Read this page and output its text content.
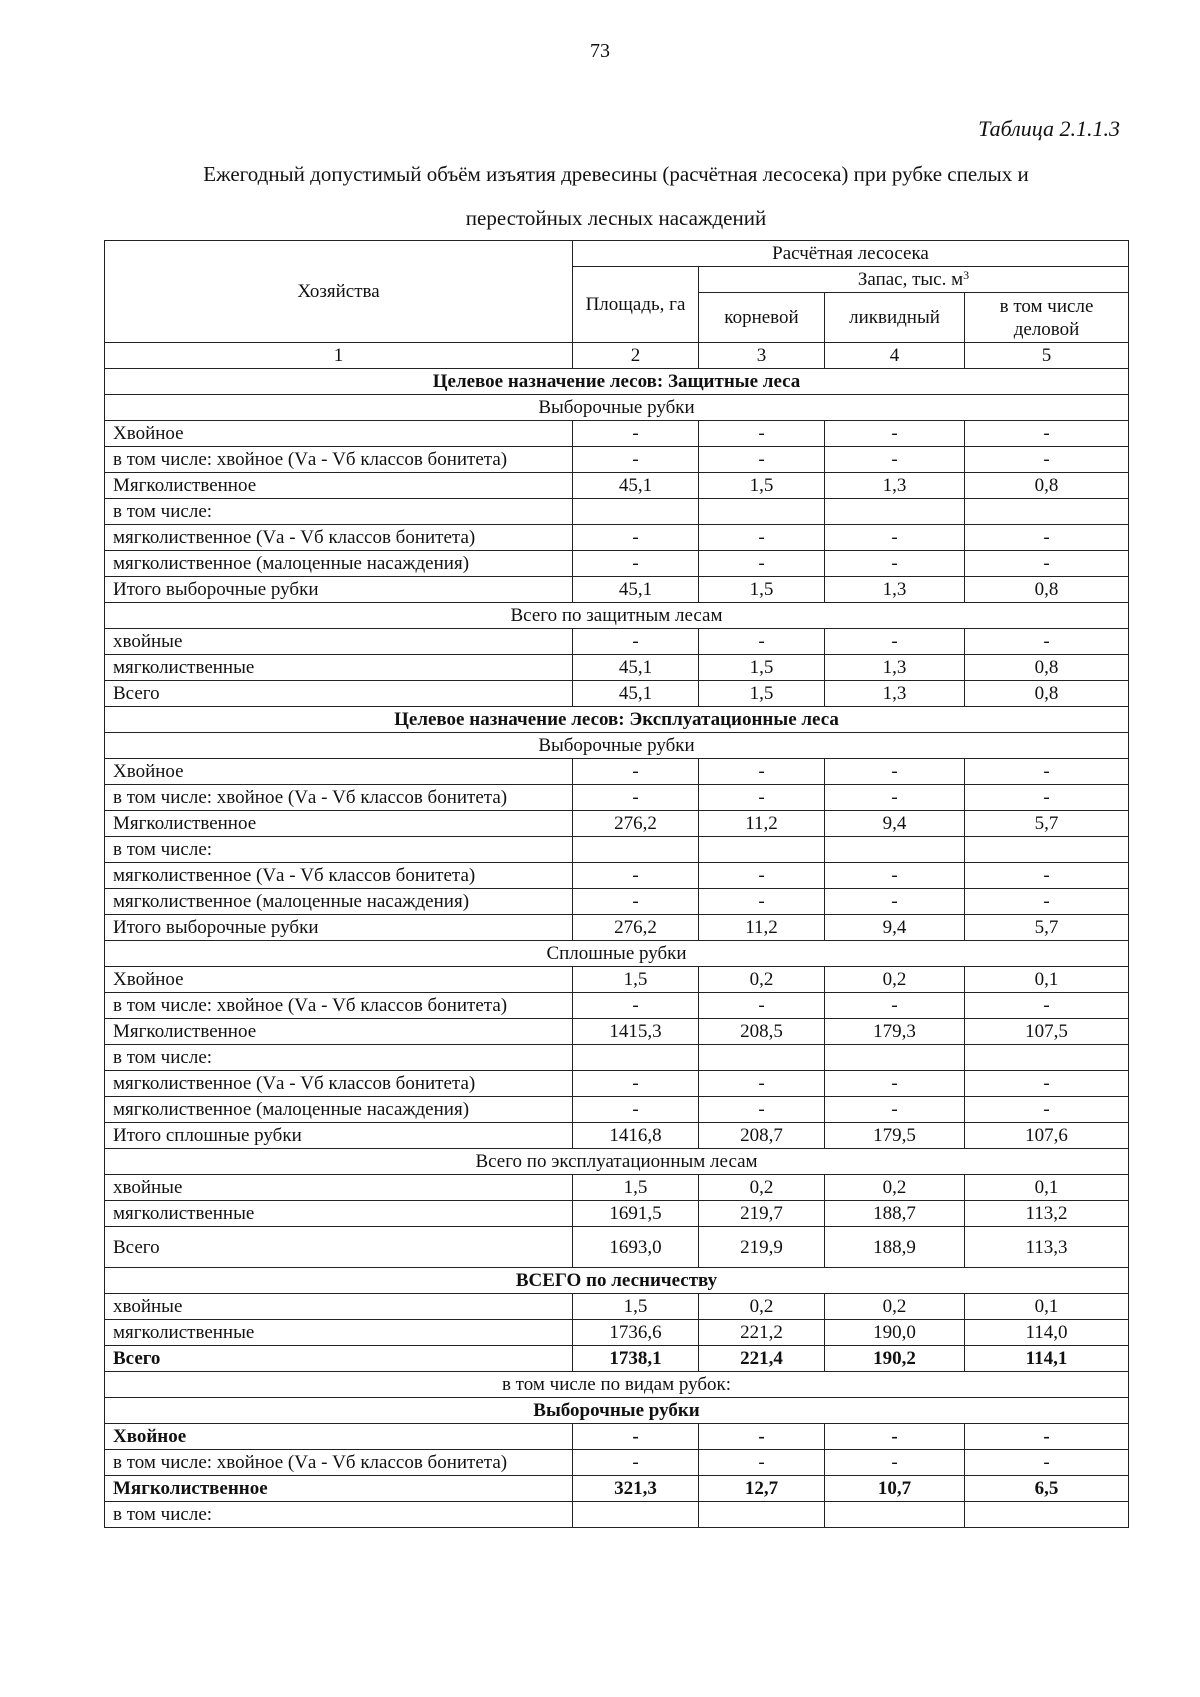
73
Таблица 2.1.1.3
Ежегодный допустимый объём изъятия древесины (расчётная лесосека) при рубке спелых и
перестойных лесных насаждений
Хозяйства	Расчётная лесосека			
	Площадь, га	Запас, тыс. $м^3$
		корневой	ликвидный	в том числе деловой
1	2	3	4	5
Целевое назначение лесов: Защитные леса				
Выборочные рубки				
Хвойное	-	-	-	-
в том числе: хвойное (Vа - Vб классов бонитета)	-	-	-	-
Мягколиственное	45,1	1,5	1,3	0,8
в том числе:				
мягколиственное (Vа - Vб классов бонитета)	-	-	-	-
мягколиственное (малоценные насаждения)	-	-	-	-
Итого выборочные рубки	45,1	1,5	1,3	0,8
Всего по защитным лесам				
хвойные	-	-	-	-
мягколиственные	45,1	1,5	1,3	0,8
Всего	45,1	1,5	1,3	0,8
Целевое назначение лесов: Эксплуатационные леса				
Выборочные рубки				
Хвойное	-	-	-	-
в том числе: хвойное (Vа - Vб классов бонитета)	-	-	-	-
Мягколиственное	276,2	11,2	9,4	5,7
в том числе:				
мягколиственное (Vа - Vб классов бонитета)	-	-	-	-
мягколиственное (малоценные насаждения)	-	-	-	-
Итого выборочные рубки	276,2	11,2	9,4	5,7
Сплошные рубки				
Хвойное	1,5	0,2	0,2	0,1
в том числе: хвойное (Vа - Vб классов бонитета)	-	-	-	-
Мягколиственное	1415,3	208,5	179,3	107,5
в том числе:				
мягколиственное (Vа - Vб классов бонитета)	-	-	-	-
мягколиственное (малоценные насаждения)	-	-	-	-
Итого сплошные рубки	1416,8	208,7	179,5	107,6
Всего по эксплуатационным лесам				
хвойные	1,5	0,2	0,2	0,1
мягколиственные	1691,5	219,7	188,7	113,2
Всего	1693,0	219,9	188,9	113,3
ВСЕГО по лесничеству				
хвойные	1,5	0,2	0,2	0,1
мягколиственные	1736,6	221,2	190,0	114,0
Всего	1738,1	221,4	190,2	114,1
в том числе по видам рубок:				
Выборочные рубки				
Хвойное	-	-	-	-
в том числе: хвойное (Vа - Vб классов бонитета)	-	-	-	-
Мягколиственное	321,3	12,7	10,7	6,5
в том числе:				
